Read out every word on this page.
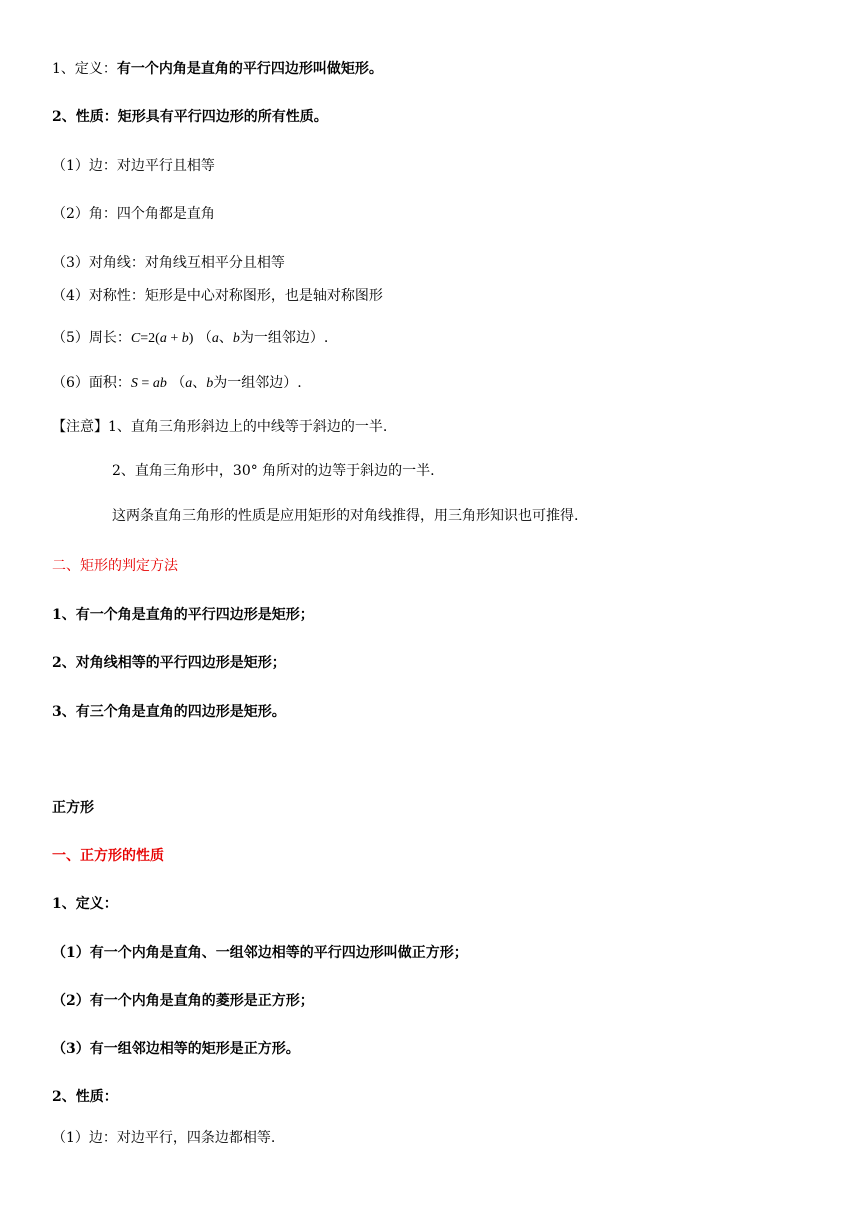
1、定义：有一个内角是直角的平行四边形叫做矩形。
2、性质：矩形具有平行四边形的所有性质。
（1）边：对边平行且相等
（2）角：四个角都是直角
（3）对角线：对角线互相平分且相等
（4）对称性：矩形是中心对称图形，也是轴对称图形
（5）周长：C=2(a + b) （a、b为一组邻边）.
（6）面积：S = ab （a、b为一组邻边）.
【注意】1、直角三角形斜边上的中线等于斜边的一半.
2、直角三角形中，30° 角所对的边等于斜边的一半.
这两条直角三角形的性质是应用矩形的对角线推得，用三角形知识也可推得.
二、矩形的判定方法
1、有一个角是直角的平行四边形是矩形；
2、对角线相等的平行四边形是矩形；
3、有三个角是直角的四边形是矩形。
正方形
一、正方形的性质
1、定义：
（1）有一个内角是直角、一组邻边相等的平行四边形叫做正方形；
（2）有一个内角是直角的菱形是正方形；
（3）有一组邻边相等的矩形是正方形。
2、性质：
（1）边：对边平行，四条边都相等.
